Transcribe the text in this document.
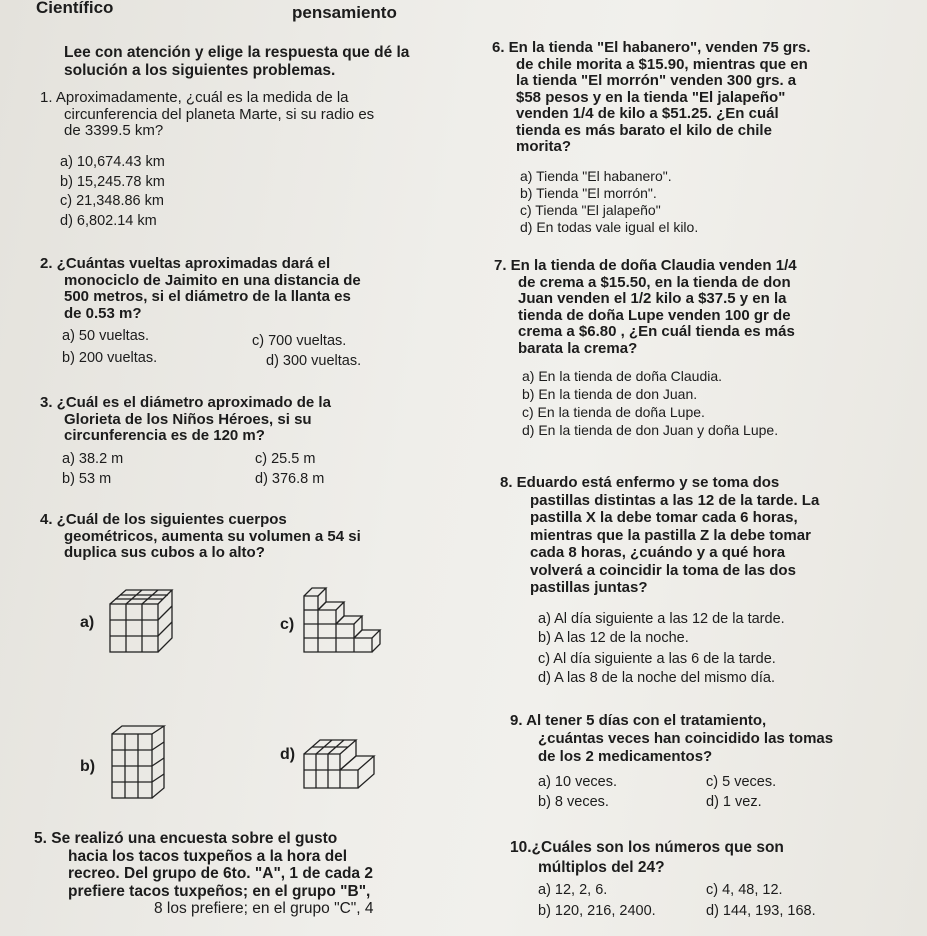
Científico	pensamiento
Lee con atención y elige la respuesta que dé la solución a los siguientes problemas.
1. Aproximadamente, ¿cuál es la medida de la
circunferencia del planeta Marte, si su radio es
de 3399.5 km?
a) 10,674.43 km
b) 15,245.78 km
c) 21,348.86 km
d) 6,802.14 km
2. ¿Cuántas vueltas aproximadas dará el
monociclo de Jaimito en una distancia de
500 metros, si el diámetro de la llanta es
de 0.53 m?
a) 50 vueltas.
b) 200 vueltas.
c) 700 vueltas.
d) 300 vueltas.
3. ¿Cuál es el diámetro aproximado de la
Glorieta de los Niños Héroes, si su
circunferencia es de 120 m?
a) 38.2 m
b) 53 m
c) 25.5 m
d) 376.8 m
4. ¿Cuál de los siguientes cuerpos
geométricos, aumenta su volumen a 54 si
duplica sus cubos a lo alto?
a)
b)
c)
d)
5. Se realizó una encuesta sobre el gusto
hacia los tacos tuxpeños a la hora del
recreo. Del grupo de 6to. "A", 1 de cada 2
prefiere tacos tuxpeños; en el grupo "B",
8 los prefiere; en el grupo "C", 4
6. En la tienda "El habanero", venden 75 grs.
de chile morita a $15.90, mientras que en
la tienda "El morrón" venden 300 grs. a
$58 pesos y en la tienda "El jalapeño"
venden 1/4 de kilo a $51.25. ¿En cuál
tienda es más barato el kilo de chile
morita?
a) Tienda "El habanero".
b) Tienda "El morrón".
c) Tienda "El jalapeño"
d) En todas vale igual el kilo.
7. En la tienda de doña Claudia venden 1/4
de crema a $15.50, en la tienda de don
Juan venden el 1/2 kilo a $37.5 y en la
tienda de doña Lupe venden 100 gr de
crema a $6.80 , ¿En cuál tienda es más
barata la crema?
a) En la tienda de doña Claudia.
b) En la tienda de don Juan.
c) En la tienda de doña Lupe.
d) En la tienda de don Juan y doña Lupe.
8. Eduardo está enfermo y se toma dos
pastillas distintas a las 12 de la tarde. La
pastilla X la debe tomar cada 6 horas,
mientras que la pastilla Z la debe tomar
cada 8 horas, ¿cuándo y a qué hora
volverá a coincidir la toma de las dos
pastillas juntas?
a) Al día siguiente a las 12 de la tarde.
b) A las 12 de la noche.
c) Al día siguiente a las 6 de la tarde.
d) A las 8 de la noche del mismo día.
9. Al tener 5 días con el tratamiento,
¿cuántas veces han coincidido las tomas
de los 2 medicamentos?
a) 10 veces.
b) 8 veces.
c) 5 veces.
d) 1 vez.
10.¿Cuáles son los números que son
múltiplos del 24?
a) 12, 2, 6.
b) 120, 216, 2400.
c) 4, 48, 12.
d) 144, 193, 168.
